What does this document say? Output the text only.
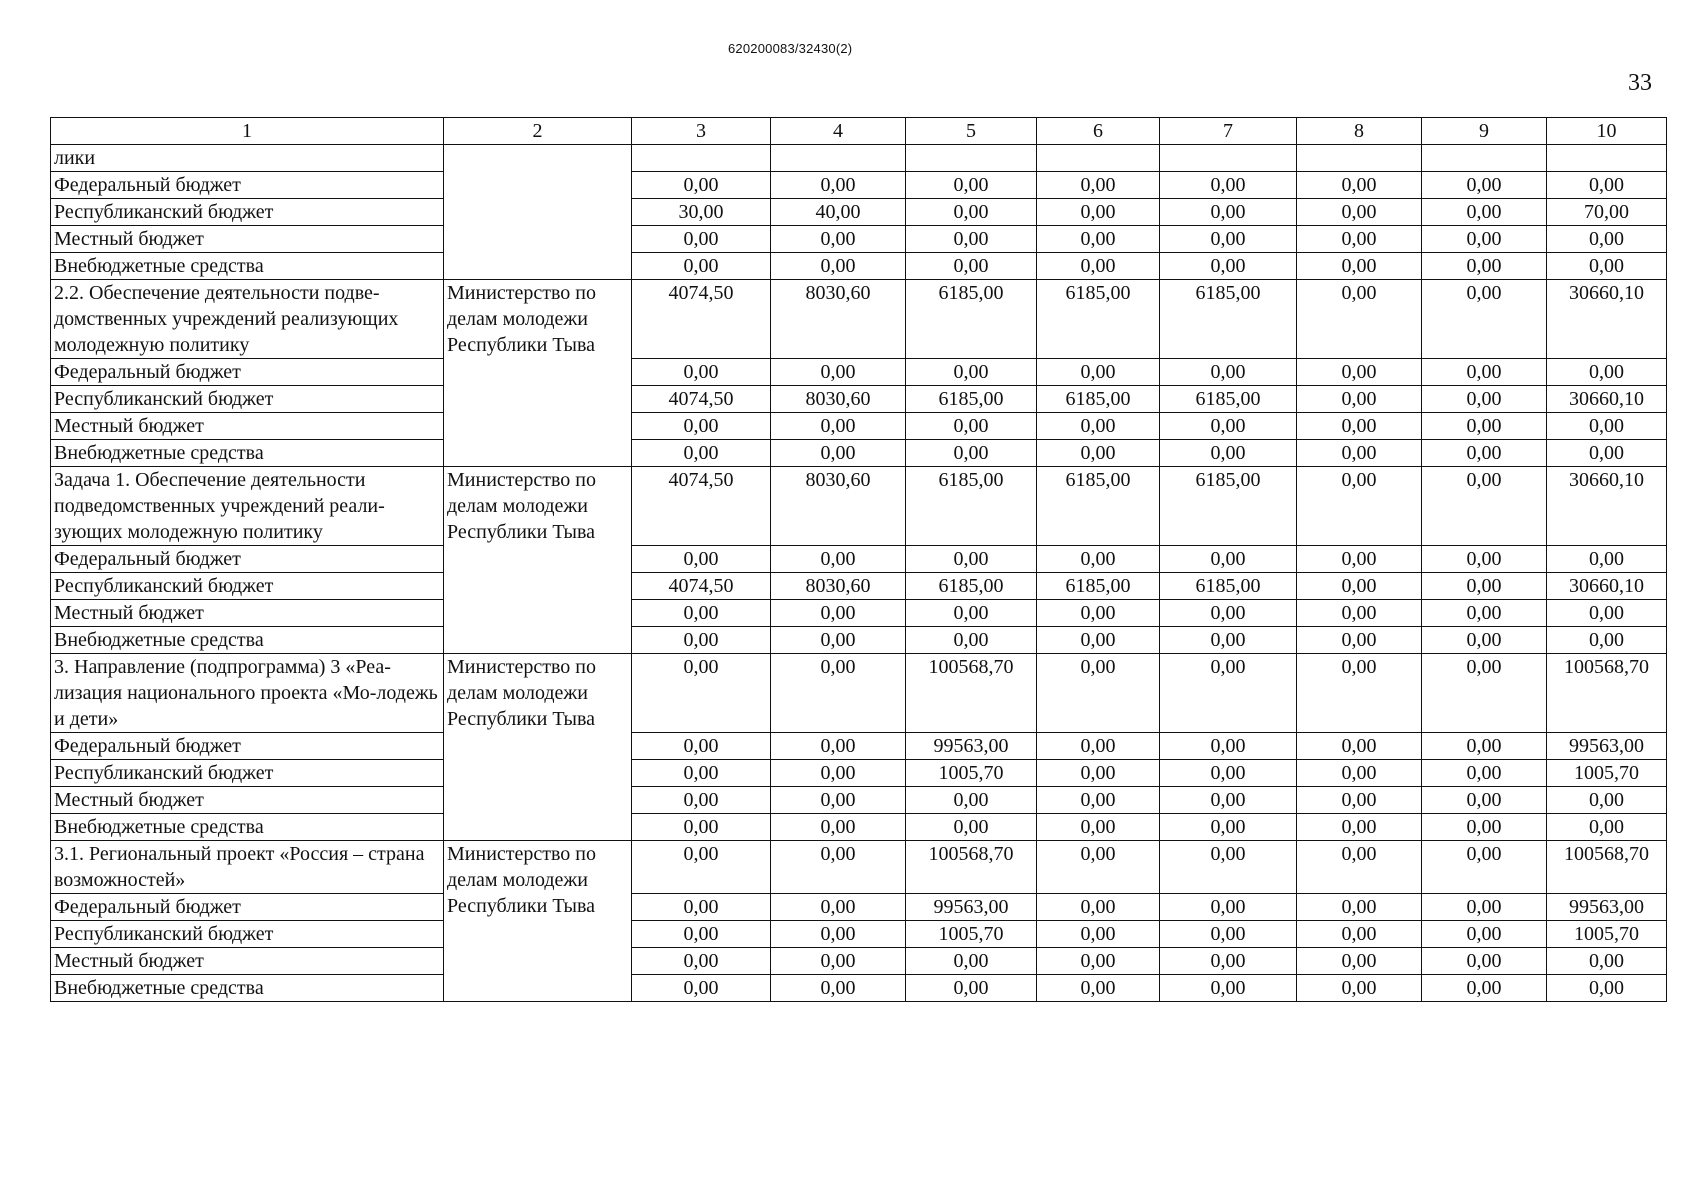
620200083/32430(2)
33
1	2	3	4	5	6	7	8	9	10
лики									
Федеральный бюджет		0,00	0,00	0,00	0,00	0,00	0,00	0,00	0,00
Республиканский бюджет		30,00	40,00	0,00	0,00	0,00	0,00	0,00	70,00
Местный бюджет		0,00	0,00	0,00	0,00	0,00	0,00	0,00	0,00
Внебюджетные средства		0,00	0,00	0,00	0,00	0,00	0,00	0,00	0,00
2.2. Обеспечение деятельности подве-домственных учреждений реализующих молодежную политику	Министерство по делам молодежи Республики Тыва	4074,50	8030,60	6185,00	6185,00	6185,00	0,00	0,00	30660,10
Федеральный бюджет		0,00	0,00	0,00	0,00	0,00	0,00	0,00	0,00
Республиканский бюджет		4074,50	8030,60	6185,00	6185,00	6185,00	0,00	0,00	30660,10
Местный бюджет		0,00	0,00	0,00	0,00	0,00	0,00	0,00	0,00
Внебюджетные средства		0,00	0,00	0,00	0,00	0,00	0,00	0,00	0,00
Задача 1. Обеспечение деятельности подведомственных учреждений реали-зующих молодежную политику	Министерство по делам молодежи Республики Тыва	4074,50	8030,60	6185,00	6185,00	6185,00	0,00	0,00	30660,10
Федеральный бюджет		0,00	0,00	0,00	0,00	0,00	0,00	0,00	0,00
Республиканский бюджет		4074,50	8030,60	6185,00	6185,00	6185,00	0,00	0,00	30660,10
Местный бюджет		0,00	0,00	0,00	0,00	0,00	0,00	0,00	0,00
Внебюджетные средства		0,00	0,00	0,00	0,00	0,00	0,00	0,00	0,00
3. Направление (подпрограмма) 3 «Реа-лизация национального проекта «Мо-лодежь и дети»	Министерство по делам молодежи Республики Тыва	0,00	0,00	100568,70	0,00	0,00	0,00	0,00	100568,70
Федеральный бюджет		0,00	0,00	99563,00	0,00	0,00	0,00	0,00	99563,00
Республиканский бюджет		0,00	0,00	1005,70	0,00	0,00	0,00	0,00	1005,70
Местный бюджет		0,00	0,00	0,00	0,00	0,00	0,00	0,00	0,00
Внебюджетные средства		0,00	0,00	0,00	0,00	0,00	0,00	0,00	0,00
3.1. Региональный проект «Россия – страна возможностей»	Министерство по делам молодежи Республики Тыва	0,00	0,00	100568,70	0,00	0,00	0,00	0,00	100568,70
Федеральный бюджет		0,00	0,00	99563,00	0,00	0,00	0,00	0,00	99563,00
Республиканский бюджет		0,00	0,00	1005,70	0,00	0,00	0,00	0,00	1005,70
Местный бюджет		0,00	0,00	0,00	0,00	0,00	0,00	0,00	0,00
Внебюджетные средства		0,00	0,00	0,00	0,00	0,00	0,00	0,00	0,00
